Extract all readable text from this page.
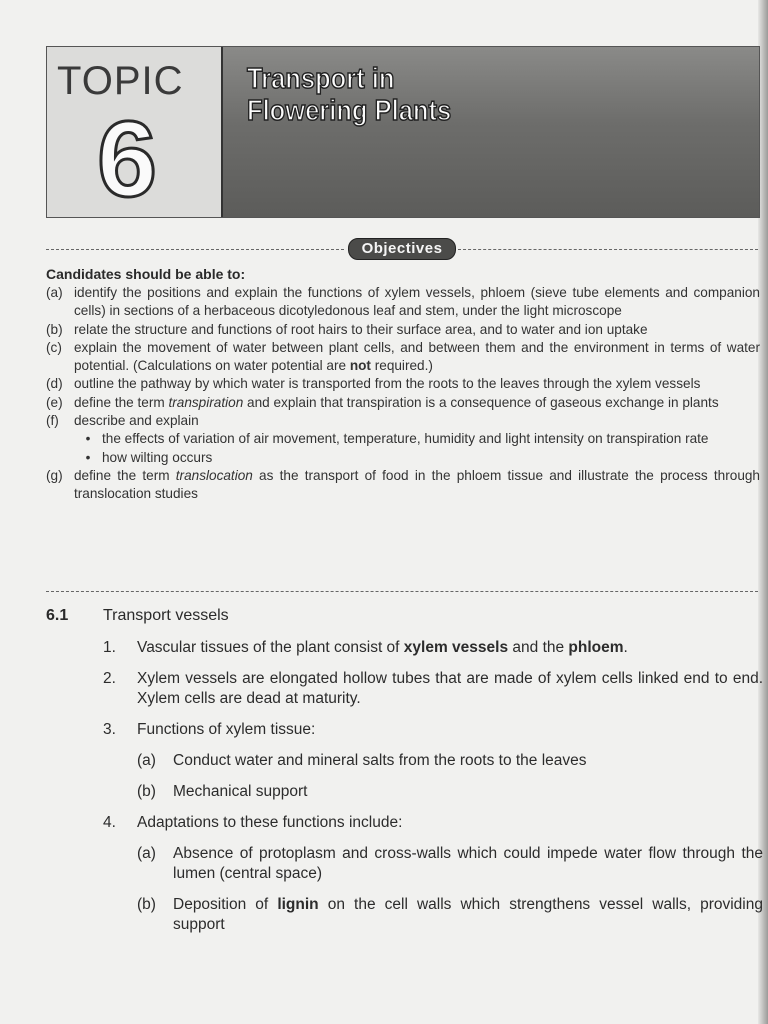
TOPIC
6
Transport in
Flowering Plants
Objectives
Candidates should be able to:
(a) identify the positions and explain the functions of xylem vessels, phloem (sieve tube elements and companion cells) in sections of a herbaceous dicotyledonous leaf and stem, under the light microscope
(b) relate the structure and functions of root hairs to their surface area, and to water and ion uptake
(c) explain the movement of water between plant cells, and between them and the environment in terms of water potential. (Calculations on water potential are not required.)
(d) outline the pathway by which water is transported from the roots to the leaves through the xylem vessels
(e) define the term transpiration and explain that transpiration is a consequence of gaseous exchange in plants
(f)	describe and explain
• the effects of variation of air movement, temperature, humidity and light intensity on transpiration rate
• how wilting occurs
(g) define the term translocation as the transport of food in the phloem tissue and illustrate the process through translocation studies
6.1	Transport vessels
1.	Vascular tissues of the plant consist of xylem vessels and the phloem.
2.	Xylem vessels are elongated hollow tubes that are made of xylem cells linked end to end. Xylem cells are dead at maturity.
3.	Functions of xylem tissue:
(a)	Conduct water and mineral salts from the roots to the leaves
(b)	Mechanical support
4.	Adaptations to these functions include:
(a)	Absence of protoplasm and cross-walls which could impede water flow through the lumen (central space)
(b)	Deposition of lignin on the cell walls which strengthens vessel walls, providing support
